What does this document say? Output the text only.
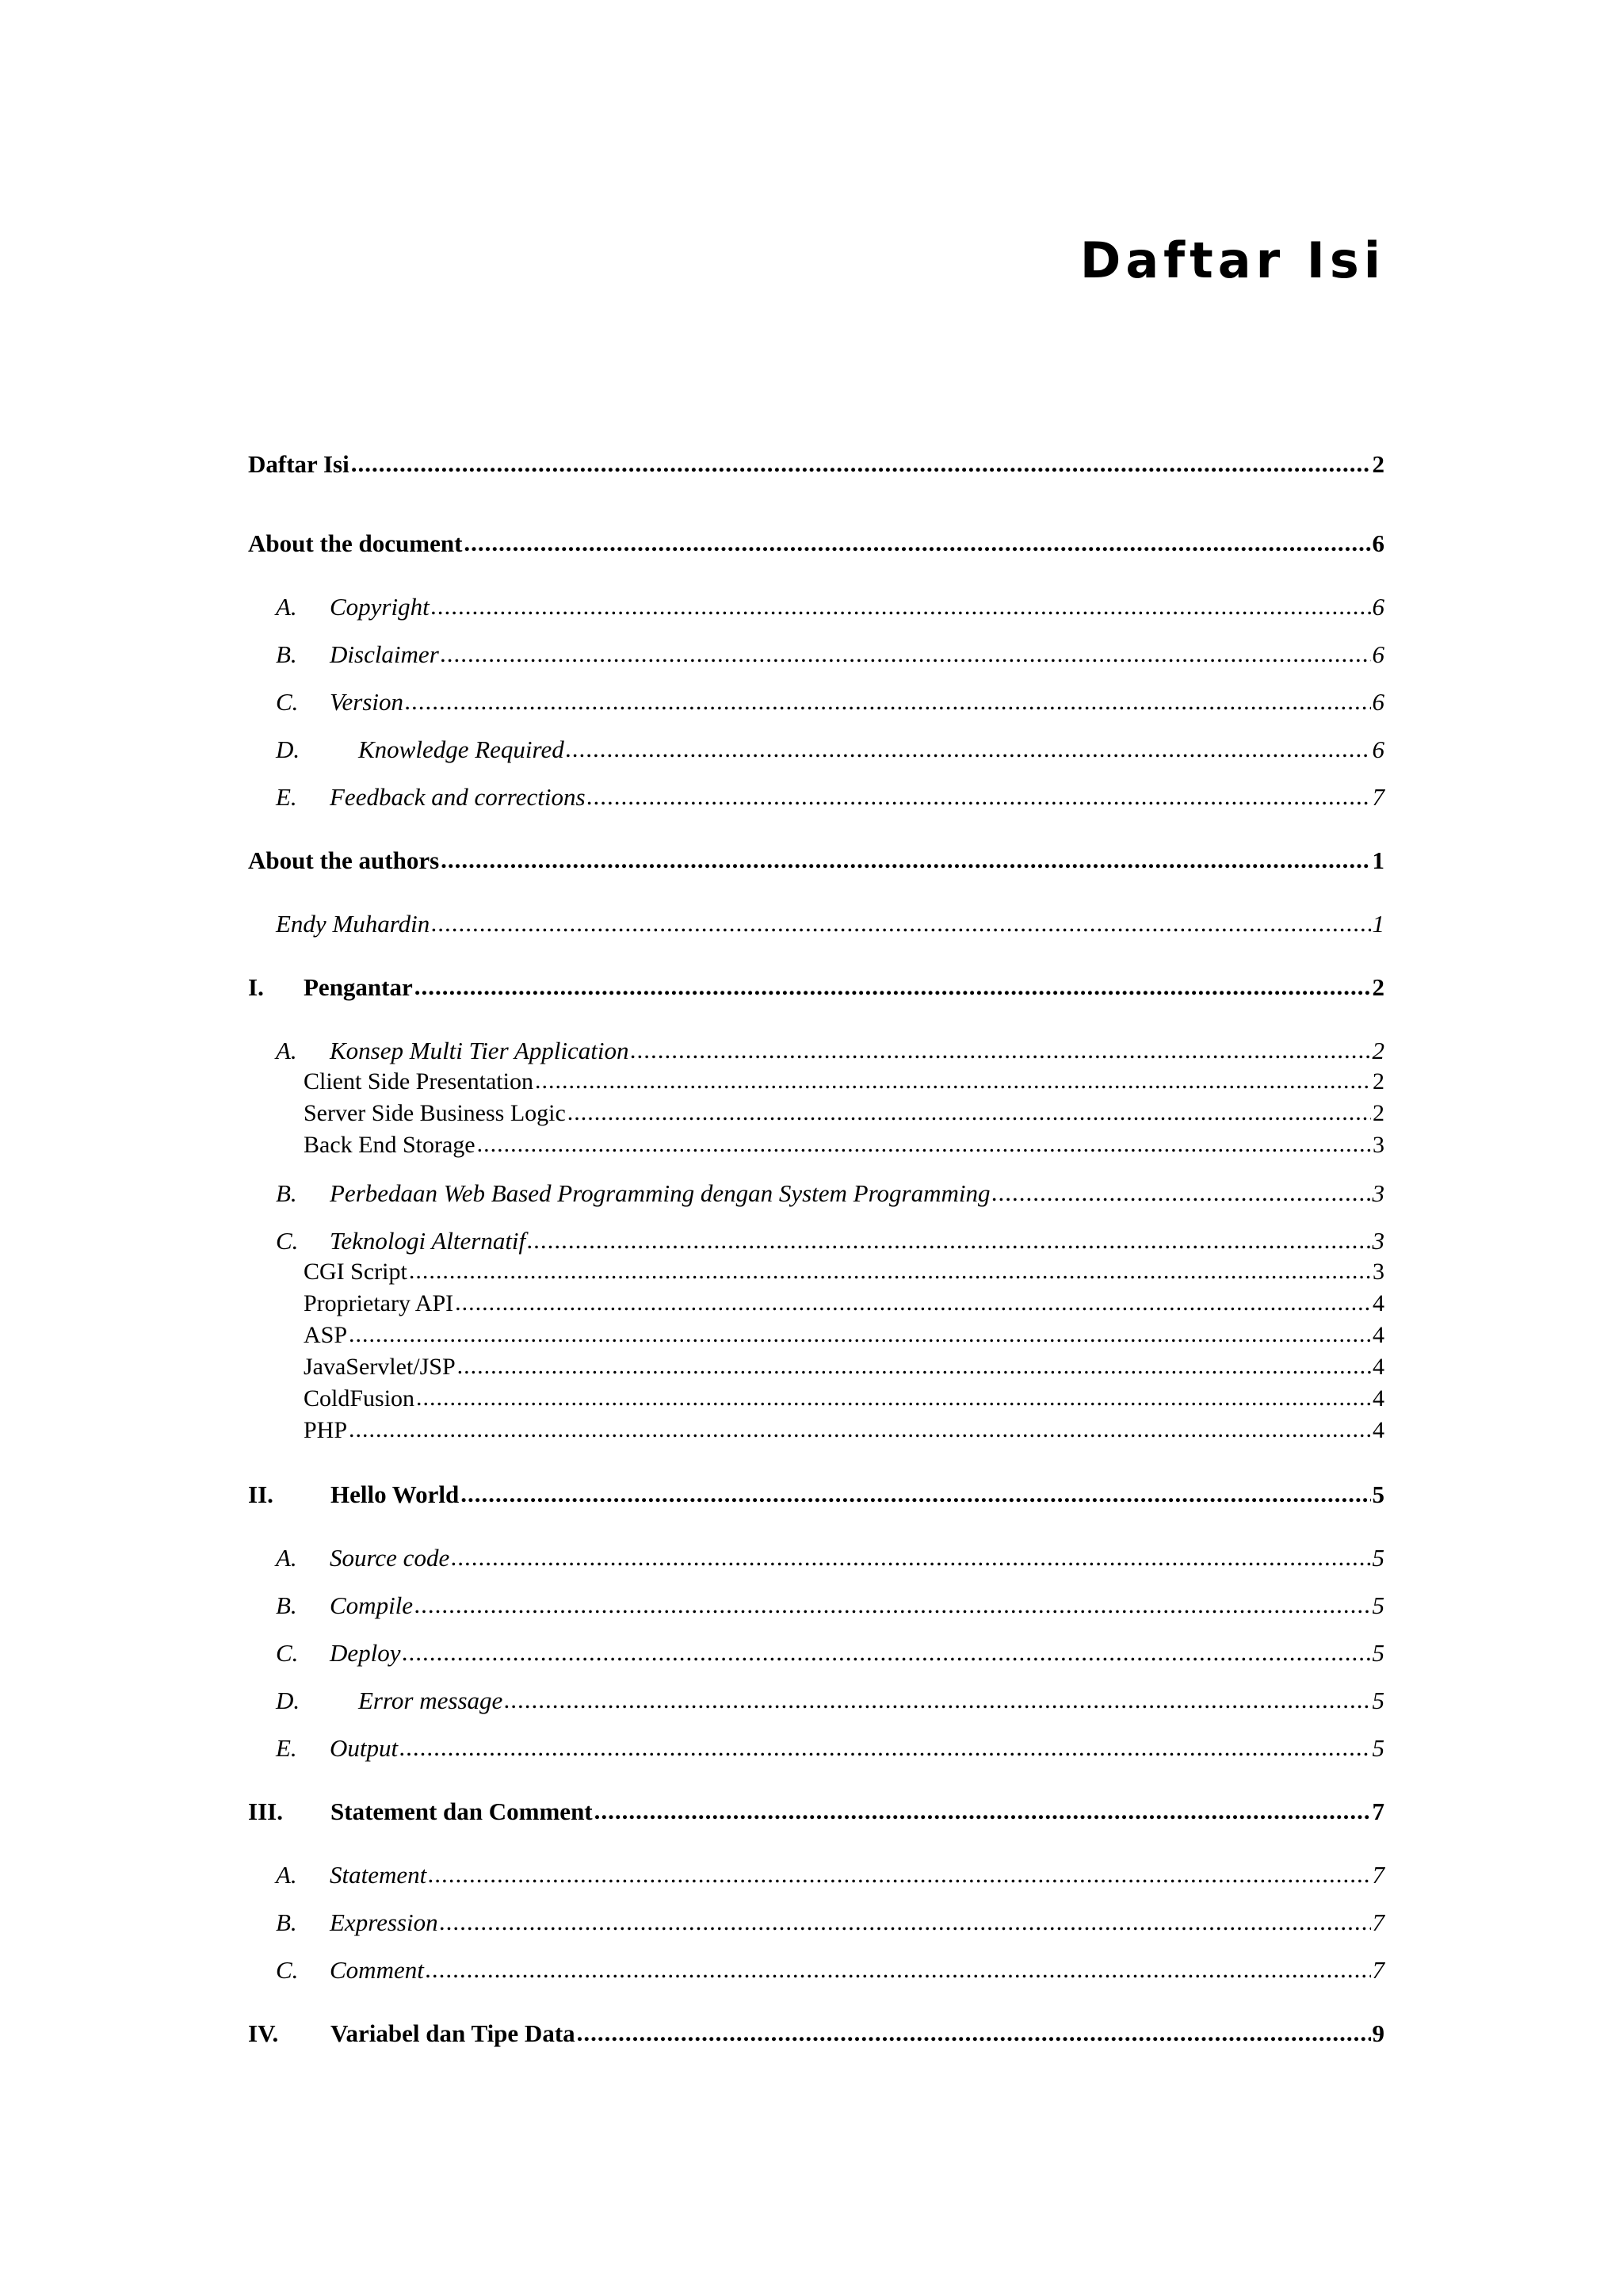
Daftar Isi
Daftar Isi .....	2
About the document .....	6
A.	Copyright .....	6
B.	Disclaimer .....	6
C.	Version .....	6
D.	Knowledge Required .....	6
E.	Feedback and corrections .....	7
About the authors .....	1
Endy Muhardin .....	1
I.	Pengantar .....	2
A.	Konsep Multi Tier Application .....	2
Client Side Presentation .....	2
Server Side Business Logic .....	2
Back End Storage .....	3
B.	Perbedaan Web Based Programming dengan System Programming .....	3
C.	Teknologi Alternatif .....	3
CGI Script .....	3
Proprietary API .....	4
ASP .....	4
JavaServlet/JSP .....	4
ColdFusion .....	4
PHP .....	4
II.	Hello World .....	5
A.	Source code .....	5
B.	Compile .....	5
C.	Deploy .....	5
D.	Error message .....	5
E.	Output .....	5
III.	Statement dan Comment .....	7
A.	Statement .....	7
B.	Expression .....	7
C.	Comment .....	7
IV.	Variabel dan Tipe Data .....	9
